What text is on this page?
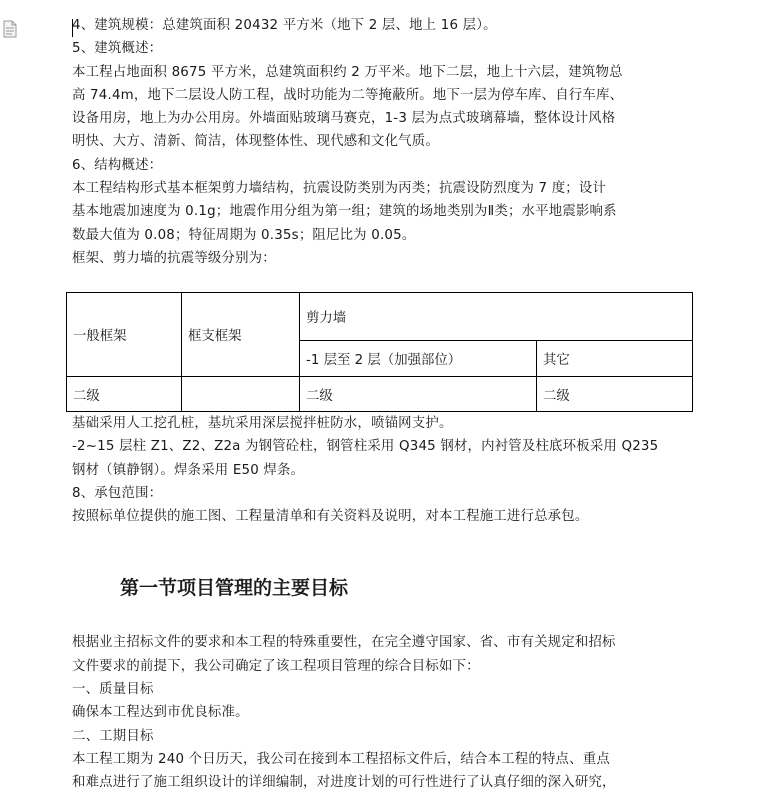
4、建筑规模：总建筑面积 20432 平方米（地下 2 层、地上 16 层）。
5、建筑概述：
本工程占地面积 8675 平方米，总建筑面积约 2 万平米。地下二层，地上十六层，建筑物总
高 74.4m，地下二层设人防工程，战时功能为二等掩蔽所。地下一层为停车库、自行车库、
设备用房，地上为办公用房。外墙面贴玻璃马赛克，1-3 层为点式玻璃幕墙，整体设计风格
明快、大方、清新、简洁，体现整体性、现代感和文化气质。
6、结构概述：
本工程结构形式基本框架剪力墙结构，抗震设防类别为丙类；抗震设防烈度为 7 度；设计
基本地震加速度为 0.1g；地震作用分组为第一组；建筑的场地类别为Ⅱ类；水平地震影响系
数最大值为 0.08；特征周期为 0.35s；阻尼比为 0.05。
框架、剪力墙的抗震等级分别为：
一般框架	框支框架	剪力墙	
		-1 层至 2 层（加强部位）	其它
二级		二级	二级
基础采用人工挖孔桩，基坑采用深层搅拌桩防水，喷锚网支护。
-2~15 层柱 Z1、Z2、Z2a 为钢管砼柱，钢管柱采用 Q345 钢材，内衬管及柱底环板采用 Q235
钢材（镇静钢）。焊条采用 E50 焊条。
8、承包范围：
按照标单位提供的施工图、工程量清单和有关资料及说明，对本工程施工进行总承包。
第一节项目管理的主要目标
根据业主招标文件的要求和本工程的特殊重要性，在完全遵守国家、省、市有关规定和招标
文件要求的前提下，我公司确定了该工程项目管理的综合目标如下：
一、质量目标
确保本工程达到市优良标准。
二、工期目标
本工程工期为 240 个日历天，我公司在接到本工程招标文件后，结合本工程的特点、重点
和难点进行了施工组织设计的详细编制，对进度计划的可行性进行了认真仔细的深入研究，
